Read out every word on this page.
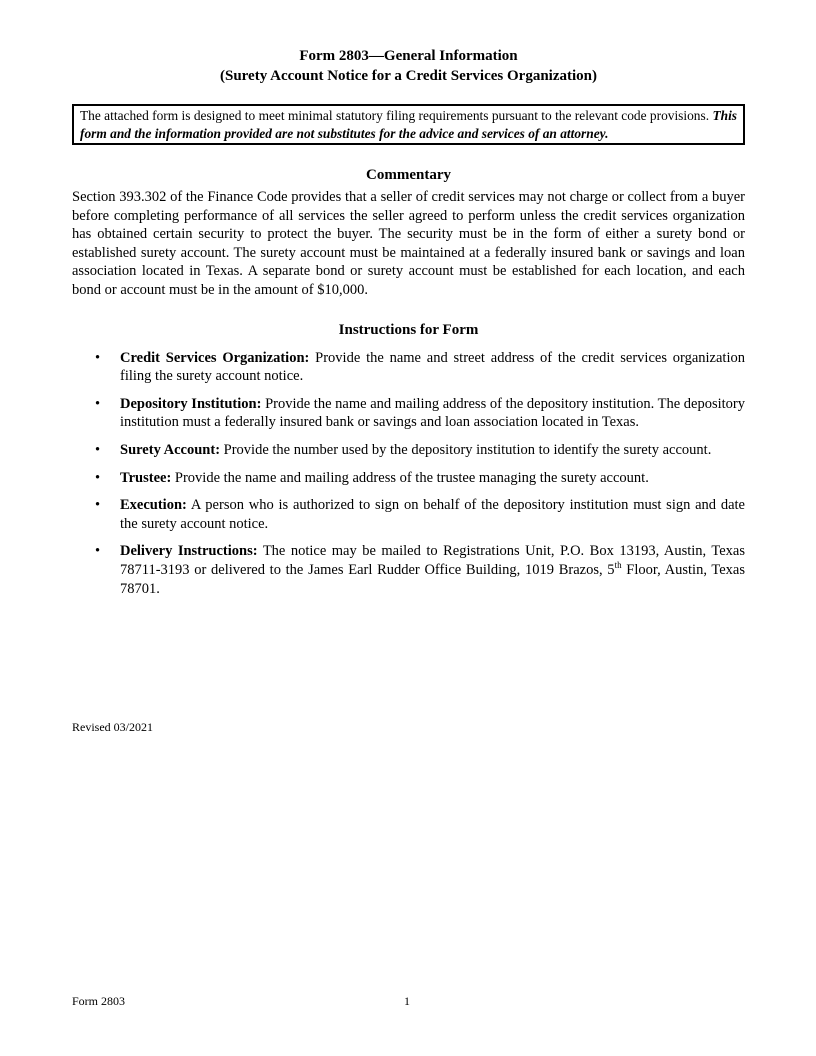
Form 2803—General Information
(Surety Account Notice for a Credit Services Organization)
The attached form is designed to meet minimal statutory filing requirements pursuant to the relevant code provisions. This form and the information provided are not substitutes for the advice and services of an attorney.
Commentary
Section 393.302 of the Finance Code provides that a seller of credit services may not charge or collect from a buyer before completing performance of all services the seller agreed to perform unless the credit services organization has obtained certain security to protect the buyer. The security must be in the form of either a surety bond or established surety account. The surety account must be maintained at a federally insured bank or savings and loan association located in Texas. A separate bond or surety account must be established for each location, and each bond or account must be in the amount of $10,000.
Instructions for Form
• Credit Services Organization: Provide the name and street address of the credit services organization filing the surety account notice.
• Depository Institution: Provide the name and mailing address of the depository institution. The depository institution must a federally insured bank or savings and loan association located in Texas.
• Surety Account: Provide the number used by the depository institution to identify the surety account.
• Trustee: Provide the name and mailing address of the trustee managing the surety account.
• Execution: A person who is authorized to sign on behalf of the depository institution must sign and date the surety account notice.
• Delivery Instructions: The notice may be mailed to Registrations Unit, P.O. Box 13193, Austin, Texas 78711-3193 or delivered to the James Earl Rudder Office Building, 1019 Brazos, 5th Floor, Austin, Texas 78701.
Revised 03/2021
Form 2803	1
